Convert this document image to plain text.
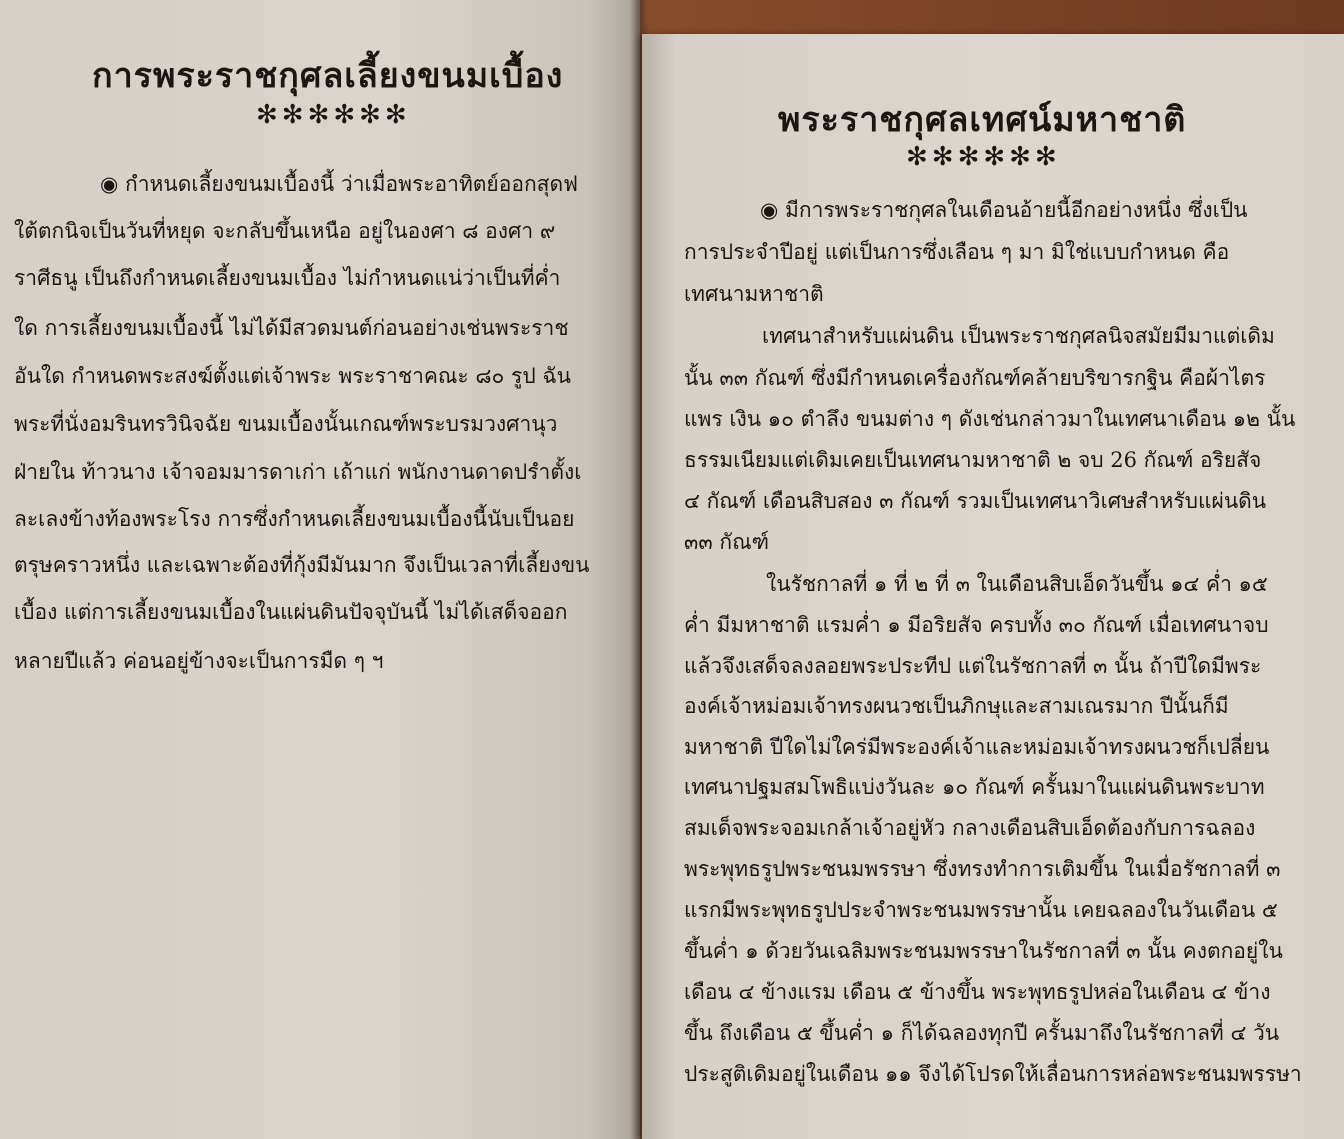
การพระราชกุศลเลี้ยงขนมเบื้อง
✻✻✻✻✻✻
◉ กำหนดเลี้ยงขนมเบื้องนี้ ว่าเมื่อพระอาทิตย์ออกสุดฟ
ใต้ตกนิจเป็นวันที่หยุด จะกลับขึ้นเหนือ อยู่ในองศา ๘ องศา ๙
ราศีธนู เป็นถึงกำหนดเลี้ยงขนมเบื้อง ไม่กำหนดแน่ว่าเป็นที่ค่ำ
ใด การเลี้ยงขนมเบื้องนี้ ไม่ได้มีสวดมนต์ก่อนอย่างเช่นพระราช
อันใด กำหนดพระสงฆ์ตั้งแต่เจ้าพระ พระราชาคณะ ๘๐ รูป ฉัน
พระที่นั่งอมรินทรวินิจฉัย ขนมเบื้องนั้นเกณฑ์พระบรมวงศานุว
ฝ่ายใน ท้าวนาง เจ้าจอมมารดาเก่า เถ้าแก่ พนักงานดาดปรำตั้งเ
ละเลงข้างท้องพระโรง การซึ่งกำหนดเลี้ยงขนมเบื้องนี้นับเป็นอย
ตรุษคราวหนึ่ง และเฉพาะต้องที่กุ้งมีมันมาก จึงเป็นเวลาที่เลี้ยงขน
เบื้อง แต่การเลี้ยงขนมเบื้องในแผ่นดินปัจจุบันนี้ ไม่ได้เสด็จออก
หลายปีแล้ว ค่อนอยู่ข้างจะเป็นการมืด ๆ ฯ
พระราชกุศลเทศน์มหาชาติ
✻✻✻✻✻✻
◉ มีการพระราชกุศลในเดือนอ้ายนี้อีกอย่างหนึ่ง ซึ่งเป็น
การประจำปีอยู่ แต่เป็นการซึ่งเลือน ๆ มา มิใช่แบบกำหนด คือ
เทศนามหาชาติ
เทศนาสำหรับแผ่นดิน เป็นพระราชกุศลนิจสมัยมีมาแต่เดิม
นั้น ๓๓ กัณฑ์ ซึ่งมีกำหนดเครื่องกัณฑ์คล้ายบริขารกฐิน คือผ้าไตร
แพร เงิน ๑๐ ตำลึง ขนมต่าง ๆ ดังเช่นกล่าวมาในเทศนาเดือน ๑๒ นั้น
ธรรมเนียมแต่เดิมเคยเป็นเทศนามหาชาติ ๒ จบ 26 กัณฑ์ อริยสัจ
๔ กัณฑ์ เดือนสิบสอง ๓ กัณฑ์ รวมเป็นเทศนาวิเศษสำหรับแผ่นดิน
๓๓ กัณฑ์
ในรัชกาลที่ ๑ ที่ ๒ ที่ ๓ ในเดือนสิบเอ็ดวันขึ้น ๑๔ ค่ำ ๑๕
ค่ำ มีมหาชาติ แรมค่ำ ๑ มีอริยสัจ ครบทั้ง ๓๐ กัณฑ์ เมื่อเทศนาจบ
แล้วจึงเสด็จลงลอยพระประทีป แต่ในรัชกาลที่ ๓ นั้น ถ้าปีใดมีพระ
องค์เจ้าหม่อมเจ้าทรงผนวชเป็นภิกษุและสามเณรมาก ปีนั้นก็มี
มหาชาติ ปีใดไม่ใคร่มีพระองค์เจ้าและหม่อมเจ้าทรงผนวชก็เปลี่ยน
เทศนาปฐมสมโพธิแบ่งวันละ ๑๐ กัณฑ์ ครั้นมาในแผ่นดินพระบาท
สมเด็จพระจอมเกล้าเจ้าอยู่หัว กลางเดือนสิบเอ็ดต้องกับการฉลอง
พระพุทธรูปพระชนมพรรษา ซึ่งทรงทำการเติมขึ้น ในเมื่อรัชกาลที่ ๓
แรกมีพระพุทธรูปประจำพระชนมพรรษานั้น เคยฉลองในวันเดือน ๕
ขึ้นค่ำ ๑ ด้วยวันเฉลิมพระชนมพรรษาในรัชกาลที่ ๓ นั้น คงตกอยู่ใน
เดือน ๔ ข้างแรม เดือน ๕ ข้างขึ้น พระพุทธรูปหล่อในเดือน ๔ ข้าง
ขึ้น ถึงเดือน ๕ ขึ้นค่ำ ๑ ก็ได้ฉลองทุกปี ครั้นมาถึงในรัชกาลที่ ๔ วัน
ประสูติเดิมอยู่ในเดือน ๑๑ จึงได้โปรดให้เลื่อนการหล่อพระชนมพรรษา
